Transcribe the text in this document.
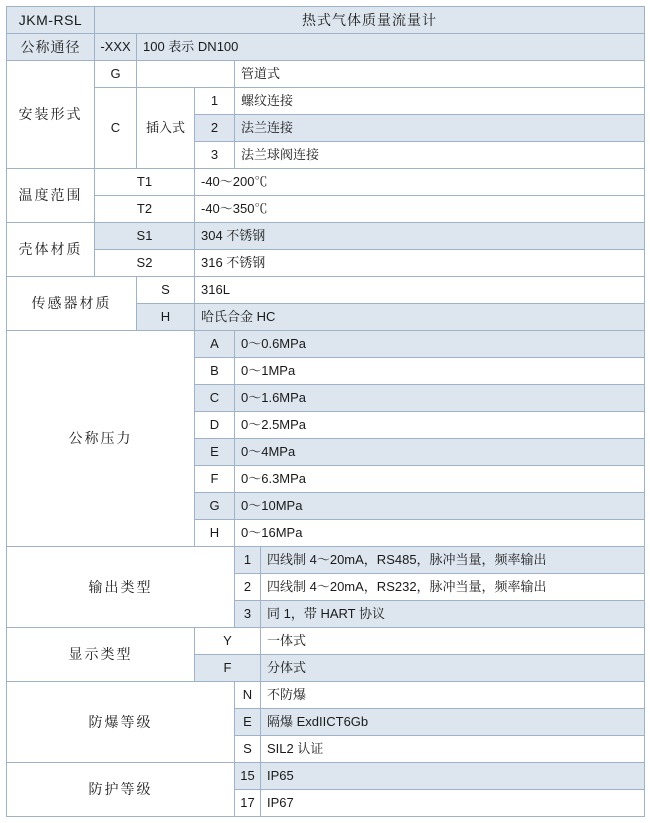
JKM-RSL	热式气体质量流量计				

公称通径	-XXX	100 表示 DN100			

安装形式	G			管道式	

	C	插入式	1	螺纹连接	

			2	法兰连接	

			3	法兰球阀连接	

温度范围	T1		-40～200℃		

	T2		-40～350℃		

壳体材质	S1		304 不锈钢		

	S2		316 不锈钢		

传感器材质		S	316L		

		H	哈氏合金 HC		

公称压力			A	0～0.6MPa	

			B	0～1MPa	

			C	0～1.6MPa	

			D	0～2.5MPa	

			E	0～4MPa	

			F	0～6.3MPa	

			G	0～10MPa	

			H	0～16MPa	

输出类型				1	四线制 4～20mA，RS485，脉冲当量，频率输出

				2	四线制 4～20mA，RS232，脉冲当量，频率输出

				3	同 1，带 HART 协议

显示类型			Y		一体式

			F		分体式

防爆等级				N	不防爆

				E	隔爆 ExdIICT6Gb

				S	SIL2 认证

防护等级				15	IP65

				17	IP67
